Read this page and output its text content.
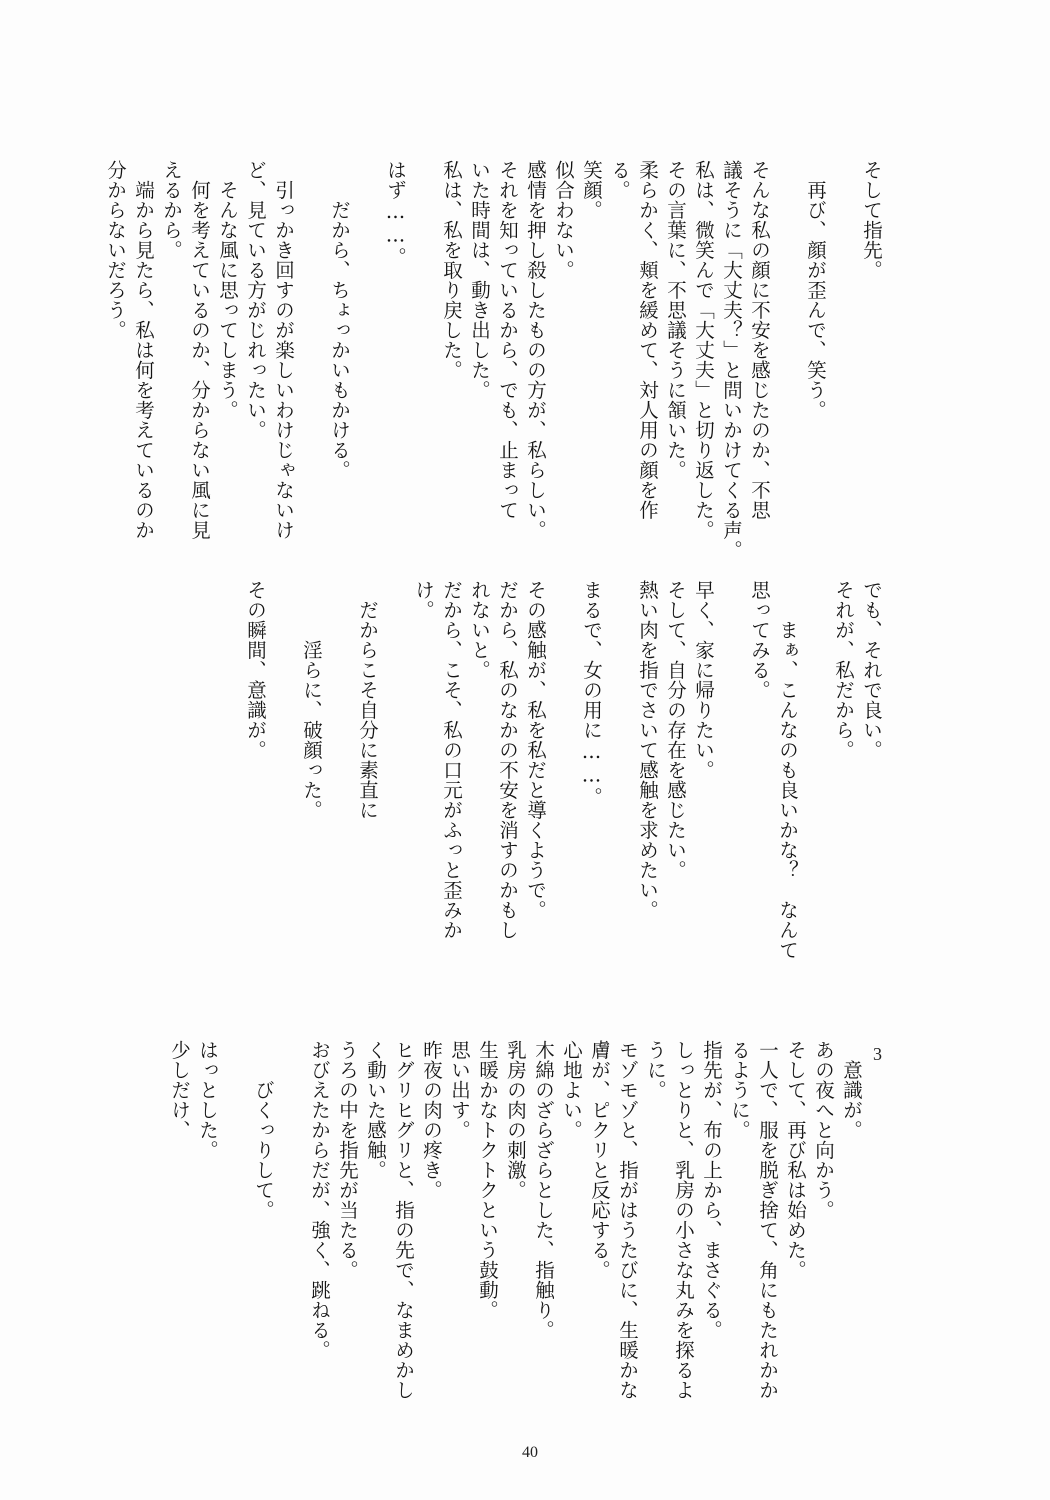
そして指先。

　再び、顔が歪んで、笑う。

そんな私の顔に不安を感じたのか、不思
議そうに「大丈夫？」と問いかけてくる声。
私は、微笑んで「大丈夫」と切り返した。
その言葉に、不思議そうに頷いた。
柔らかく、頬を緩めて、対人用の顔を作
る。
笑顔。
似合わない。
感情を押し殺したものの方が、私らしい。
それを知っているから、でも、止まって
いた時間は、動き出した。
私は、私を取り戻した。

はず……。

　　だから、ちょっかいもかける。

　引っかき回すのが楽しいわけじゃないけ
ど、見ている方がじれったい。
　そんな風に思ってしまう。
　何を考えているのか、分からない風に見
えるから。
　端から見たら、私は何を考えているのか
分からないだろう。
でも、それで良い。
それが、私だから。

　　まぁ、こんなのも良いかな？　なんて
思ってみる。

早く、家に帰りたい。
そして、自分の存在を感じたい。
熱い肉を指でさいて感触を求めたい。

まるで、女の用に……。

その感触が、私を私だと導くようで。
だから、私のなかの不安を消すのかもし
れないと。
だから、こそ、私の口元がふっと歪みか
け。

　だからこそ自分に素直に

　　　淫らに、破顔った。

その瞬間、意識が。
3
　意識が。
あの夜へと向かう。
そして、再び私は始めた。
一人で、服を脱ぎ捨て、角にもたれかか
るように。
指先が、布の上から、まさぐる。
しっとりと、乳房の小さな丸みを探るよ
うに。
モゾモゾと、指がはうたびに、生暖かな
膚が、ピクリと反応する。
心地よい。
木綿のざらざらとした、指触り。
乳房の肉の刺激。
生暖かなトクトクという鼓動。
思い出す。
昨夜の肉の疼き。
ヒグリヒグリと、指の先で、なまめかし
く動いた感触。
うろの中を指先が当たる。
おびえたからだが、強く、跳ねる。

　　びくっりして。

はっとした。
少しだけ、
40
